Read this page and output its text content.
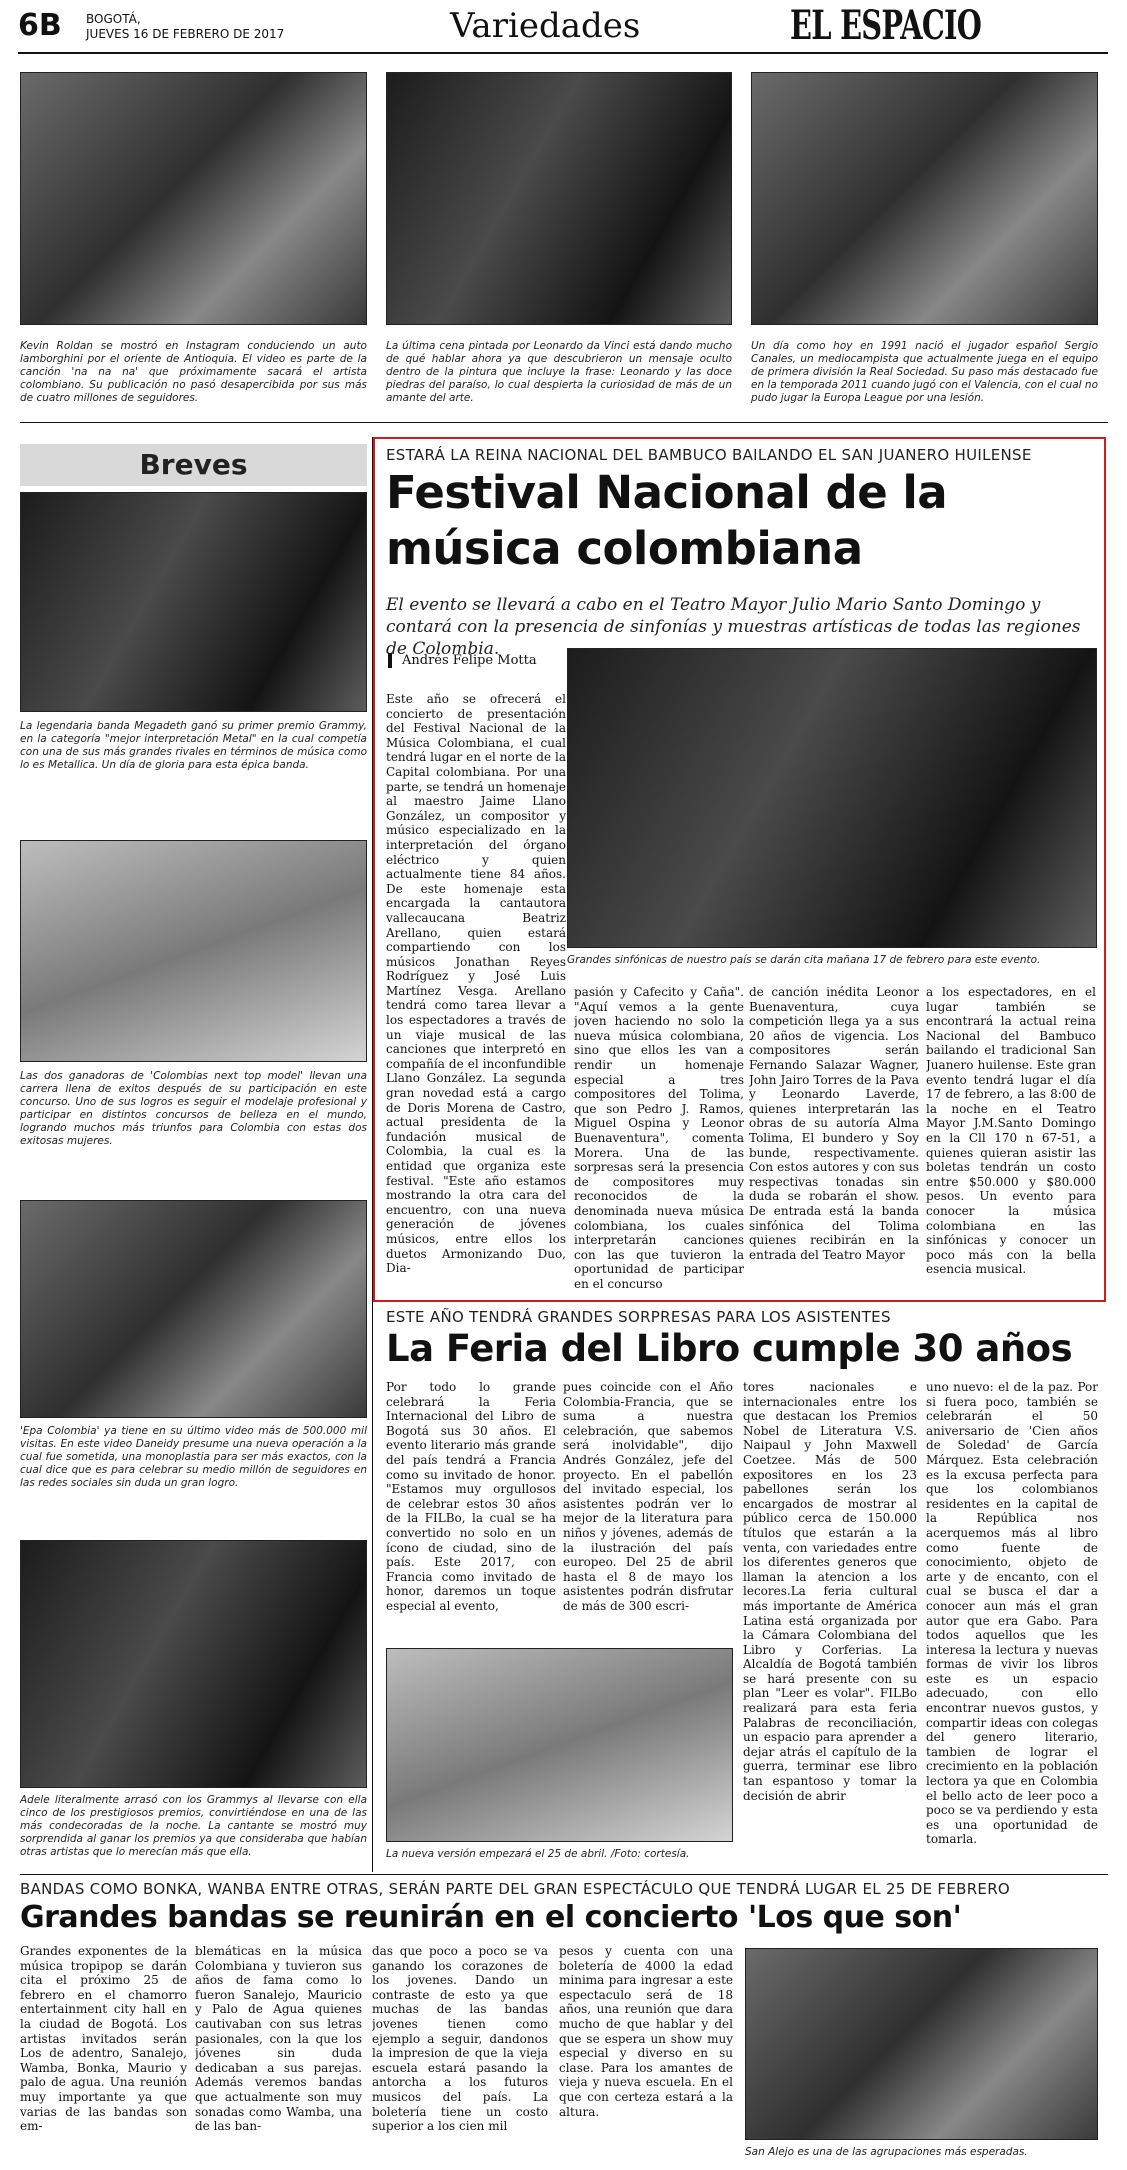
6B BOGOTÁ,
JUEVES 16 DE FEBRERO DE 2017	Variedades	EL ESPACIO
Kevin Roldan se mostró en Instagram conduciendo un auto lamborghini por el oriente de Antioquia. El video es parte de la canción 'na na na' que próximamente sacará el artista colombiano. Su publicación no pasó desapercibida por sus más de cuatro millones de seguidores.
La última cena pintada por Leonardo da Vinci está dando mucho de qué hablar ahora ya que descubrieron un mensaje oculto dentro de la pintura que incluye la frase: Leonardo y las doce piedras del paraíso, lo cual despierta la curiosidad de más de un amante del arte.
Un día como hoy en 1991 nació el jugador español Sergio Canales, un mediocampista que actualmente juega en el equipo de primera división la Real Sociedad. Su paso más destacado fue en la temporada 2011 cuando jugó con el Valencia, con el cual no pudo jugar la Europa League por una lesión.
Breves
La legendaria banda Megadeth ganó su primer premio Grammy, en la categoría "mejor interpretación Metal" en la cual competía con una de sus más grandes rivales en términos de música como lo es Metallica. Un día de gloria para esta épica banda.
Las dos ganadoras de 'Colombias next top model' llevan una carrera llena de exitos después de su participación en este concurso. Uno de sus logros es seguir el modelaje profesional y participar en distintos concursos de belleza en el mundo, logrando muchos más triunfos para Colombia con estas dos exitosas mujeres.
'Epa Colombia' ya tiene en su último video más de 500.000 mil visitas. En este video Daneidy presume una nueva operación a la cual fue sometida, una monoplastia para ser más exactos, con la cual dice que es para celebrar su medio millón de seguidores en las redes sociales sin duda un gran logro.
Adele literalmente arrasó con los Grammys al llevarse con ella cinco de los prestigiosos premios, convirtiéndose en una de las más condecoradas de la noche. La cantante se mostró muy sorprendida al ganar los premios ya que consideraba que habían otras artistas que lo merecían más que ella.
ESTARÁ LA REINA NACIONAL DEL BAMBUCO BAILANDO EL SAN JUANERO HUILENSE
Festival Nacional de la música colombiana
El evento se llevará a cabo en el Teatro Mayor Julio Mario Santo Domingo y contará con la presencia de sinfonías y muestras artísticas de todas las regiones de Colombia.
Andrés Felipe Motta
Este año se ofrecerá el concierto de presentación del Festival Nacional de la Música Colombiana, el cual tendrá lugar en el norte de la Capital colombiana. Por una parte, se tendrá un homenaje al maestro Jaime Llano González, un compositor y músico especializado en la interpretación del órgano eléctrico y quien actualmente tiene 84 años. De este homenaje esta encargada la cantautora vallecaucana Beatriz Arellano, quien estará compartiendo con los músicos Jonathan Reyes Rodríguez y José Luis Martínez Vesga. Arellano tendrá como tarea llevar a los espectadores a través de un viaje musical de las canciones que interpretó en compañía de el inconfundible Llano González. La segunda gran novedad está a cargo de Doris Morena de Castro, actual presidenta de la fundación musical de Colombia, la cual es la entidad que organiza este festival. "Este año estamos mostrando la otra cara del encuentro, con una nueva generación de jóvenes músicos, entre ellos los duetos Armonizando Duo, Dia-
Grandes sinfónicas de nuestro país se darán cita mañana 17 de febrero para este evento.
pasión y Cafecito y Caña". "Aquí vemos a la gente joven haciendo no solo la nueva música colombiana, sino que ellos les van a rendir un homenaje especial a tres compositores del Tolima, que son Pedro J. Ramos, Miguel Ospina y Leonor Buenaventura", comenta Morera. Una de las sorpresas será la presencia de compositores muy reconocidos de la denominada nueva música colombiana, los cuales interpretarán canciones con las que tuvieron la oportunidad de participar en el concurso
de canción inédita Leonor Buenaventura, cuya competición llega ya a sus 20 años de vigencia. Los compositores serán Fernando Salazar Wagner, John Jairo Torres de la Pava y Leonardo Laverde, quienes interpretarán las obras de su autoría Alma Tolima, El bundero y Soy bunde, respectivamente. Con estos autores y con sus respectivas tonadas sin duda se robarán el show. De entrada está la banda sinfónica del Tolima quienes recibirán en la entrada del Teatro Mayor
a los espectadores, en el lugar también se encontrará la actual reina Nacional del Bambuco bailando el tradicional San Juanero huilense. Este gran evento tendrá lugar el día 17 de febrero, a las 8:00 de la noche en el Teatro Mayor J.M.Santo Domingo en la Cll 170 n 67-51, a quienes quieran asistir las boletas tendrán un costo entre $50.000 y $80.000 pesos. Un evento para conocer la música colombiana en las sinfónicas y conocer un poco más con la bella esencia musical.
ESTE AÑO TENDRÁ GRANDES SORPRESAS PARA LOS ASISTENTES
La Feria del Libro cumple 30 años
Por todo lo grande celebrará la Feria Internacional del Libro de Bogotá sus 30 años. El evento literario más grande del país tendrá a Francia como su invitado de honor. "Estamos muy orgullosos de celebrar estos 30 años de la FILBo, la cual se ha convertido no solo en un ícono de ciudad, sino de país. Este 2017, con Francia como invitado de honor, daremos un toque especial al evento,
pues coincide con el Año Colombia-Francia, que se suma a nuestra celebración, que sabemos será inolvidable", dijo Andrés González, jefe del proyecto. En el pabellón del invitado especial, los asistentes podrán ver lo mejor de la literatura para niños y jóvenes, además de la ilustración del país europeo. Del 25 de abril hasta el 8 de mayo los asistentes podrán disfrutar de más de 300 escri-
La nueva versión empezará el 25 de abril. /Foto: cortesía.
tores nacionales e internacionales entre los que destacan los Premios Nobel de Literatura V.S. Naipaul y John Maxwell Coetzee. Más de 500 expositores en los 23 pabellones serán los encargados de mostrar al público cerca de 150.000 títulos que estarán a la venta, con variedades entre los diferentes generos que llaman la atencion a los lecores.La feria cultural más importante de América Latina está organizada por la Cámara Colombiana del Libro y Corferias. La Alcaldía de Bogotá también se hará presente con su plan "Leer es volar". FILBo realizará para esta feria Palabras de reconciliación, un espacio para aprender a dejar atrás el capítulo de la guerra, terminar ese libro tan espantoso y tomar la decisión de abrir
uno nuevo: el de la paz. Por si fuera poco, también se celebrarán el 50 aniversario de 'Cien años de Soledad' de García Márquez. Esta celebración es la excusa perfecta para que los colombianos residentes en la capital de la República nos acerquemos más al libro como fuente de conocimiento, objeto de arte y de encanto, con el cual se busca el dar a conocer aun más el gran autor que era Gabo. Para todos aquellos que les interesa la lectura y nuevas formas de vivir los libros este es un espacio adecuado, con ello encontrar nuevos gustos, y compartir ideas con colegas del genero literario, tambien de lograr el crecimiento en la población lectora ya que en Colombia el bello acto de leer poco a poco se va perdiendo y esta es una oportunidad de tomarla.
BANDAS COMO BONKA, WANBA ENTRE OTRAS, SERÁN PARTE DEL GRAN ESPECTÁCULO QUE TENDRÁ LUGAR EL 25 DE FEBRERO
Grandes bandas se reunirán en el concierto 'Los que son'
Grandes exponentes de la música tropipop se darán cita el próximo 25 de febrero en el chamorro entertainment city hall en la ciudad de Bogotá. Los artistas invitados serán Los de adentro, Sanalejo, Wamba, Bonka, Maurio y palo de agua. Una reunión muy importante ya que varias de las bandas son em-
blemáticas en la música Colombiana y tuvieron sus años de fama como lo fueron Sanalejo, Mauricio y Palo de Agua quienes cautivaban con sus letras pasionales, con la que los jóvenes sin duda dedicaban a sus parejas. Además veremos bandas que actualmente son muy sonadas como Wamba, una de las ban-
das que poco a poco se va ganando los corazones de los jovenes. Dando un contraste de esto ya que muchas de las bandas jovenes tienen como ejemplo a seguir, dandonos la impresion de que la vieja escuela estará pasando la antorcha a los futuros musicos del país. La boletería tiene un costo superior a los cien mil
pesos y cuenta con una boletería de 4000 la edad minima para ingresar a este espectaculo será de 18 años, una reunión que dara mucho de que hablar y del que se espera un show muy especial y diverso en su clase. Para los amantes de vieja y nueva escuela. En el que con certeza estará a la altura.
San Alejo es una de las agrupaciones más esperadas.
